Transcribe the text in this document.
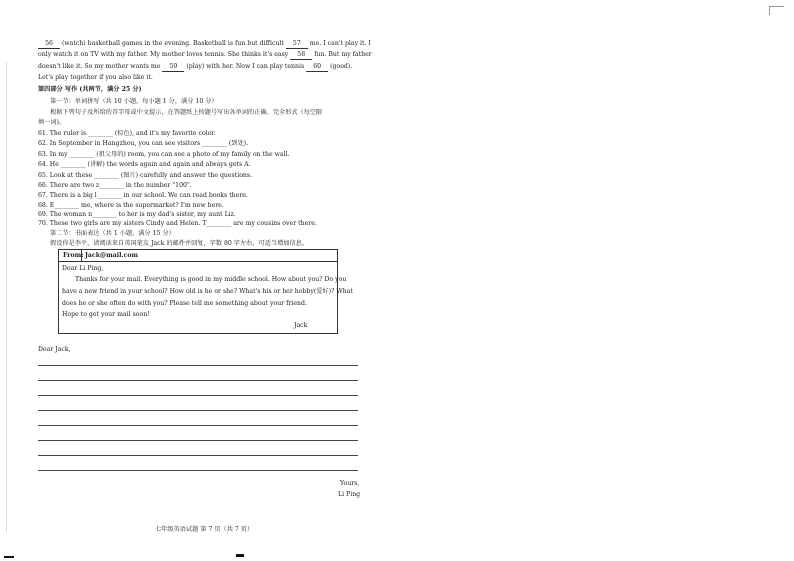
56 (watch) basketball games in the evening. Basketball is fun but difficult 57 me. I can't play it. I
only watch it on TV with my father. My mother loves tennis. She thinks it's easy 58 fun. But my father
doesn't like it. So my mother wants me 59 (play) with her. Now I can play tennis 60 (good).
Let's play together if you also like it.
第四部分 写作 (共两节，满分 25 分)
第一节：单词拼写（共 10 小题，每小题 1 分，满分 10 分）
根据下列句子及所给的首字母或中文提示，在答题纸上按题号写出各单词的正确、完全形式（每空限
填一词)。
61. The ruler is ________ (棕色), and it's my favorite color.
62. In September in Hangzhou, you can see visitors ________ (到处).
63. In my ________ (祖父母的) room, you can see a photo of my family on the wall.
64. He ________ (讲解) the words again and again and always gets A.
65. Look at these ________ (图片) carefully and answer the questions.
66. There are two z________ in the number "100".
67. There is a big l________ in our school. We can read books there.
68. E________ me, where is the supermarket? I'm new here.
69. The woman n________ to her is my dad's sister, my aunt Liz.
70. These two girls are my sisters Cindy and Helen. T________ are my cousins over there.
第二节：书面表达（共 1 小题，满分 15 分）
假设你是李平，请阅读来自英国笔友 Jack 的邮件并回复，字数 80 字左右，可适当增加信息。
From: Jack@mail.com
Dear Li Ping,
Thanks for your mail. Everything is good in my middle school. How about you? Do you
have a new friend in your school? How old is he or she? What's his or her hobby(爱好)? What
does he or she often do with you? Please tell me something about your friend.
Hope to get your mail soon!
Jack
Dear Jack,
Yours,
Li Ping
七年级英语试题 第 7 页（共 7 页）
